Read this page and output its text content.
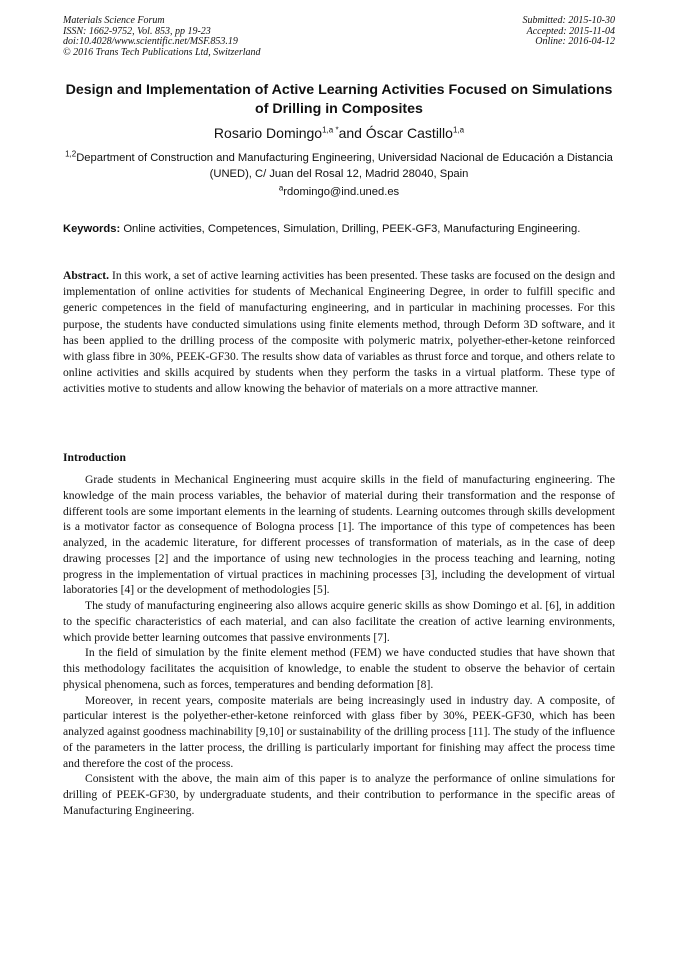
Materials Science Forum
ISSN: 1662-9752, Vol. 853, pp 19-23
doi:10.4028/www.scientific.net/MSF.853.19
© 2016 Trans Tech Publications Ltd, Switzerland
Submitted: 2015-10-30
Accepted: 2015-11-04
Online: 2016-04-12
Design and Implementation of Active Learning Activities Focused on Simulations of Drilling in Composites
Rosario Domingo$^{1,a *}$and Óscar Castillo$^{1,a}$
$^{1,2}$Department of Construction and Manufacturing Engineering, Universidad Nacional de Educación a Distancia (UNED), C/ Juan del Rosal 12, Madrid 28040, Spain
$^a$rdomingo@ind.uned.es
Keywords: Online activities, Competences, Simulation, Drilling, PEEK-GF3, Manufacturing Engineering.
Abstract. In this work, a set of active learning activities has been presented. These tasks are focused on the design and implementation of online activities for students of Mechanical Engineering Degree, in order to fulfill specific and generic competences in the field of manufacturing engineering, and in particular in machining processes. For this purpose, the students have conducted simulations using finite elements method, through Deform 3D software, and it has been applied to the drilling process of the composite with polymeric matrix, polyether-ether-ketone reinforced with glass fibre in 30%, PEEK-GF30. The results show data of variables as thrust force and torque, and others relate to online activities and skills acquired by students when they perform the tasks in a virtual platform. These type of activities motive to students and allow knowing the behavior of materials on a more attractive manner.
Introduction

Grade students in Mechanical Engineering must acquire skills in the field of manufacturing engineering. The knowledge of the main process variables, the behavior of material during their transformation and the response of different tools are some important elements in the learning of students. Learning outcomes through skills development is a motivator factor as consequence of Bologna process [1]. The importance of this type of competences has been analyzed, in the academic literature, for different processes of transformation of materials, as in the case of deep drawing processes [2] and the importance of using new technologies in the process teaching and learning, noting progress in the implementation of virtual practices in machining processes [3], including the development of virtual laboratories [4] or the development of methodologies [5].

The study of manufacturing engineering also allows acquire generic skills as show Domingo et al. [6], in addition to the specific characteristics of each material, and can also facilitate the creation of active learning environments, which provide better learning outcomes that passive environments [7].

In the field of simulation by the finite element method (FEM) we have conducted studies that have shown that this methodology facilitates the acquisition of knowledge, to enable the student to observe the behavior of certain physical phenomena, such as forces, temperatures and bending deformation [8].

Moreover, in recent years, composite materials are being increasingly used in industry day. A composite, of particular interest is the polyether-ether-ketone reinforced with glass fiber by 30%, PEEK-GF30, which has been analyzed against goodness machinability [9,10] or sustainability of the drilling process [11]. The study of the influence of the parameters in the latter process, the drilling is particularly important for finishing may affect the process time and therefore the cost of the process.

Consistent with the above, the main aim of this paper is to analyze the performance of online simulations for drilling of PEEK-GF30, by undergraduate students, and their contribution to performance in the specific areas of Manufacturing Engineering.
